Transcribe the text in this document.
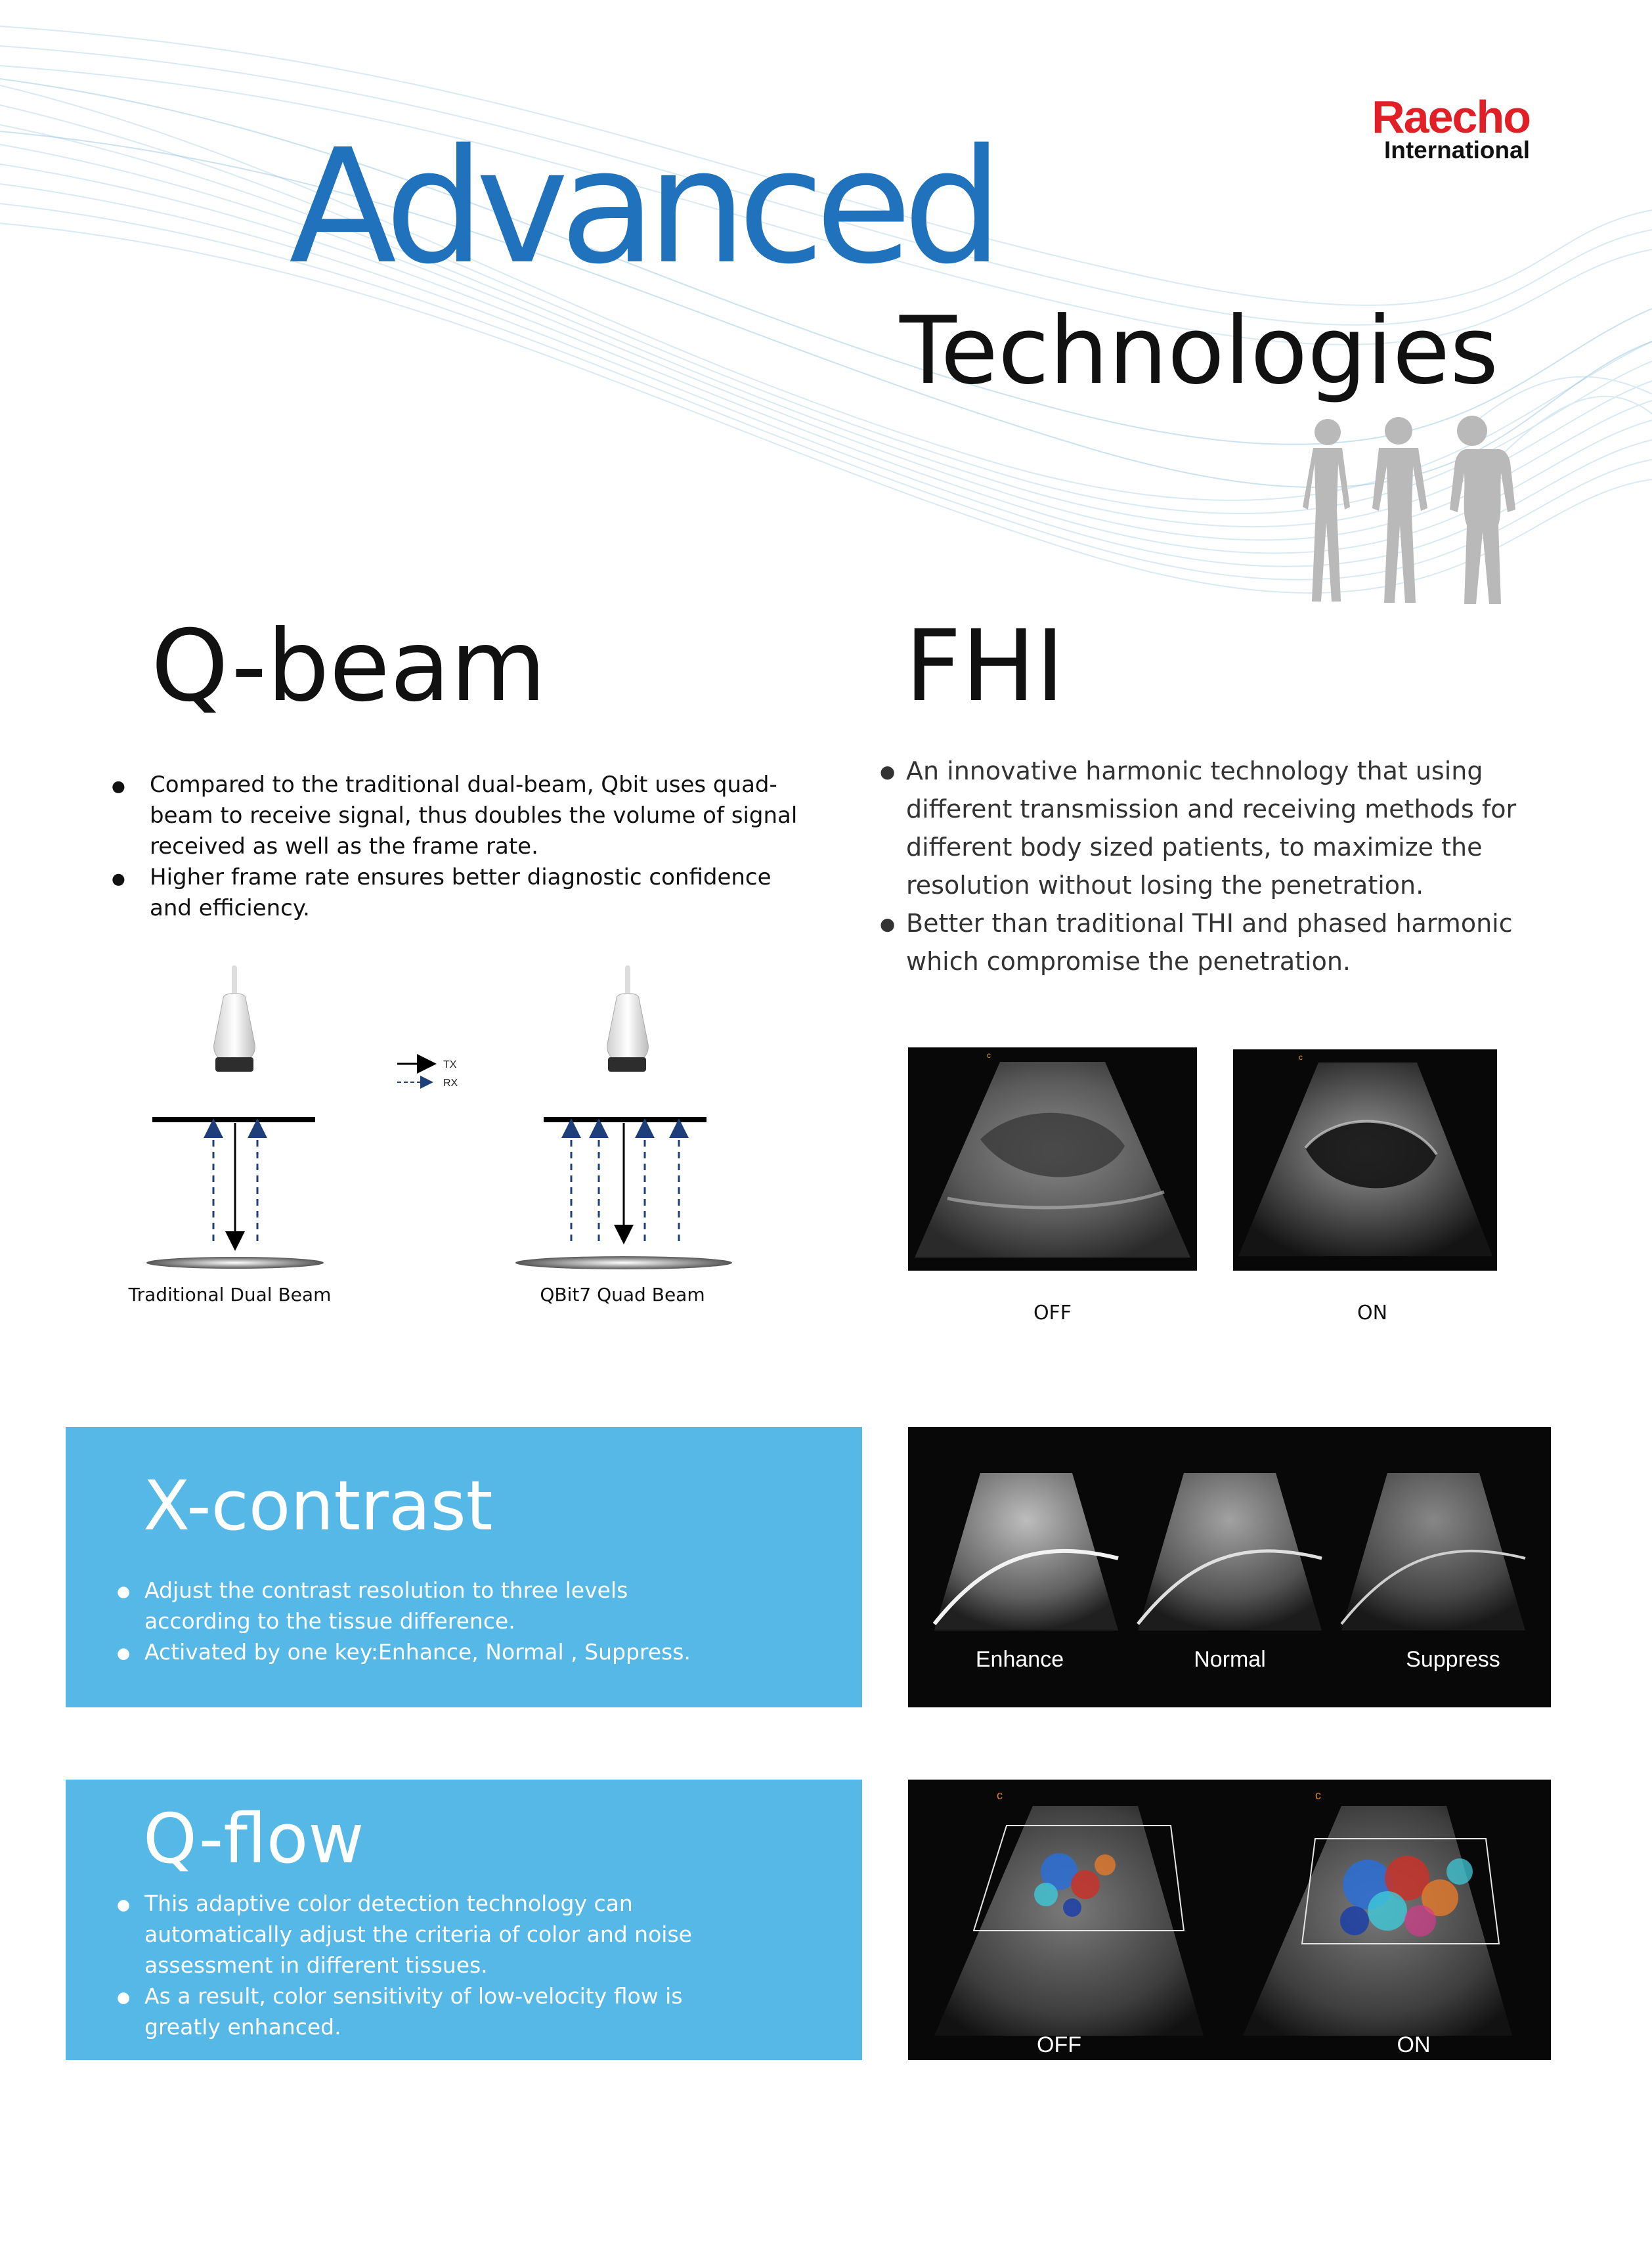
Raecho
International
Advanced
Technologies
Q-beam
● Compared to the traditional dual-beam, Qbit uses quad-beam to receive signal, thus doubles the volume of signal received as well as the frame rate.
● Higher frame rate ensures better diagnostic confidence and efficiency.
TX
RX
Traditional Dual Beam	QBit7 Quad Beam
FHI
● An innovative harmonic technology that using different transmission and receiving methods for different body sized patients, to maximize the resolution without losing the penetration.
● Better than traditional THI and phased harmonic which compromise the penetration.
c	c
OFF	ON
X-contrast
● Adjust the contrast resolution to three levels according to the tissue difference.
● Activated by one key:Enhance, Normal , Suppress.	Enhance	Normal	Suppress
Q-flow
● This adaptive color detection technology can automatically adjust the criteria of color and noise assessment in different tissues.
● As a result, color sensitivity of low-velocity flow is greatly enhanced.
c	c
OFF	ON
